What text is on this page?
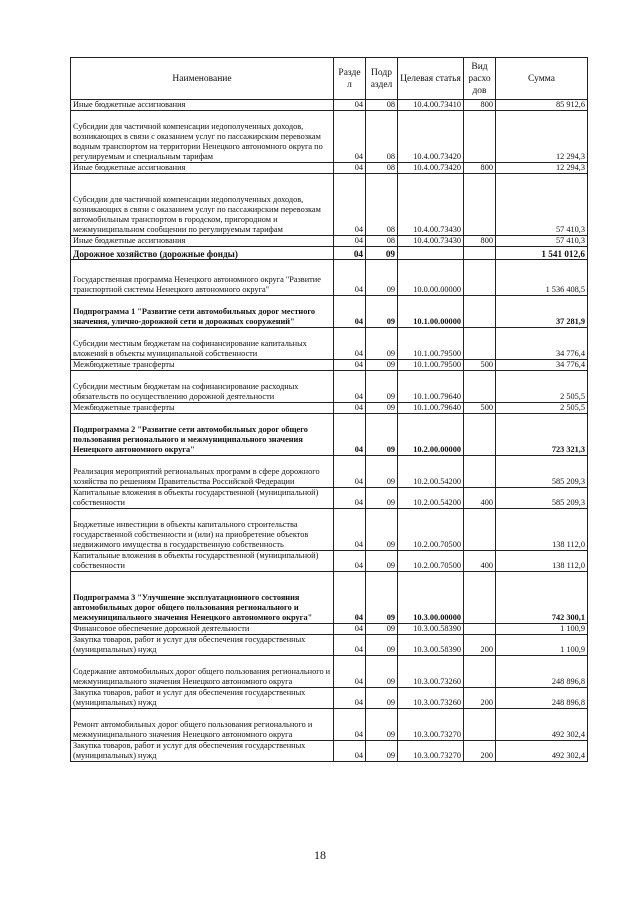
Наименование	Разде л	Подр аздел	Целевая статья	Вид расхо дов	Сумма
Иные бюджетные ассигнования	04	08	10.4.00.73410	800	85 912,6
Субсидии для частичной компенсации недополученных доходов, возникающих в связи с оказанием услуг по пассажирским перевозкам водным транспортом на территории Ненецкого автономного округа по регулируемым и специальным тарифам	04	08	10.4.00.73420		12 294,3
Иные бюджетные ассигнования	04	08	10.4.00.73420	800	12 294,3
Субсидии для частичной компенсации недополученных доходов, возникающих в связи с оказанием услуг по пассажирским перевозкам автомобильным транспортом в городском, пригородном и межмуниципальном сообщении по регулируемым тарифам	04	08	10.4.00.73430		57 410,3
Иные бюджетные ассигнования	04	08	10.4.00.73430	800	57 410,3
Дорожное хозяйство (дорожные фонды)	04	09			1 541 012,6
Государственная программа Ненецкого автономного округа "Развитие транспортной системы Ненецкого автономного округа"	04	09	10.0.00.00000		1 536 408,5
Подпрограмма 1 "Развитие сети автомобильных дорог местного значения, улично-дорожной сети и дорожных сооружений"	04	09	10.1.00.00000		37 281,9
Субсидии местным бюджетам на софинансирование капитальных вложений в объекты муниципальной собственности	04	09	10.1.00.79500		34 776,4
Межбюджетные трансферты	04	09	10.1.00.79500	500	34 776,4
Субсидии местным бюджетам на софинансирование расходных обязательств по осуществлению дорожной деятельности	04	09	10.1.00.79640		2 505,5
Межбюджетные трансферты	04	09	10.1.00.79640	500	2 505,5
Подпрограмма 2 "Развитие сети автомобильных дорог общего пользования регионального и межмуниципального значения Ненецкого автономного округа"	04	09	10.2.00.00000		723 321,3
Реализация мероприятий региональных программ в сфере дорожного хозяйства по решениям Правительства Российской Федерации	04	09	10.2.00.54200		585 209,3
Капитальные вложения в объекты государственной (муниципальной) собственности	04	09	10.2.00.54200	400	585 209,3
Бюджетные инвестиции в объекты капитального строительства государственной собственности и (или) на приобретение объектов недвижимого имущества в государственную собственность	04	09	10.2.00.70500		138 112,0
Капитальные вложения в объекты государственной (муниципальной) собственности	04	09	10.2.00.70500	400	138 112,0
Подпрограмма 3 "Улучшение эксплуатационного состояния автомобильных дорог общего пользования регионального и межмуниципального значения Ненецкого автономного округа"	04	09	10.3.00.00000		742 300,1
Финансовое обеспечение дорожной деятельности	04	09	10.3.00.58390		1 100,9
Закупка товаров, работ и услуг для обеспечения государственных (муниципальных) нужд	04	09	10.3.00.58390	200	1 100,9
Содержание автомобильных дорог общего пользования регионального и межмуниципального значения Ненецкого автономного округа	04	09	10.3.00.73260		248 896,8
Закупка товаров, работ и услуг для обеспечения государственных (муниципальных) нужд	04	09	10.3.00.73260	200	248 896,8
Ремонт автомобильных дорог общего пользования регионального и межмуниципального значения Ненецкого автономного округа	04	09	10.3.00.73270		492 302,4
Закупка товаров, работ и услуг для обеспечения государственных (муниципальных) нужд	04	09	10.3.00.73270	200	492 302,4
18
